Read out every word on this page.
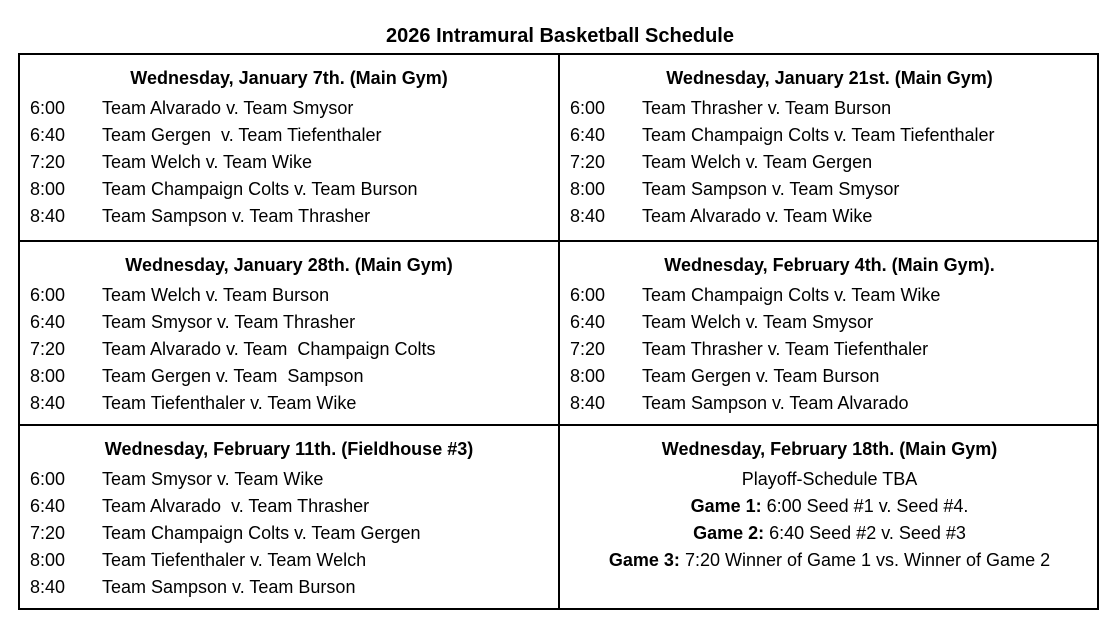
2026 Intramural Basketball Schedule
Wednesday, January 7th. (Main Gym)
6:00	Team Alvarado v. Team Smysor
6:40	Team Gergen  v. Team Tiefenthaler
7:20	Team Welch v. Team Wike
8:00	Team Champaign Colts v. Team Burson
8:40	Team Sampson v. Team Thrasher
Wednesday, January 21st. (Main Gym)
6:00	Team Thrasher v. Team Burson
6:40	Team Champaign Colts v. Team Tiefenthaler
7:20	Team Welch v. Team Gergen
8:00	Team Sampson v. Team Smysor
8:40	Team Alvarado v. Team Wike
Wednesday, January 28th. (Main Gym)
6:00	Team Welch v. Team Burson
6:40	Team Smysor v. Team Thrasher
7:20	Team Alvarado v. Team  Champaign Colts
8:00	Team Gergen v. Team  Sampson
8:40	Team Tiefenthaler v. Team Wike
Wednesday, February 4th. (Main Gym).
6:00	Team Champaign Colts v. Team Wike
6:40	Team Welch v. Team Smysor
7:20	Team Thrasher v. Team Tiefenthaler
8:00	Team Gergen v. Team Burson
8:40	Team Sampson v. Team Alvarado
Wednesday, February 11th. (Fieldhouse #3)
6:00	Team Smysor v. Team Wike
6:40	Team Alvarado  v. Team Thrasher
7:20	Team Champaign Colts v. Team Gergen
8:00	Team Tiefenthaler v. Team Welch
8:40	Team Sampson v. Team Burson
Wednesday, February 18th. (Main Gym)
Playoff-Schedule TBA
Game 1: 6:00 Seed #1 v. Seed #4.
Game 2: 6:40 Seed #2 v. Seed #3
Game 3: 7:20 Winner of Game 1 vs. Winner of Game 2
